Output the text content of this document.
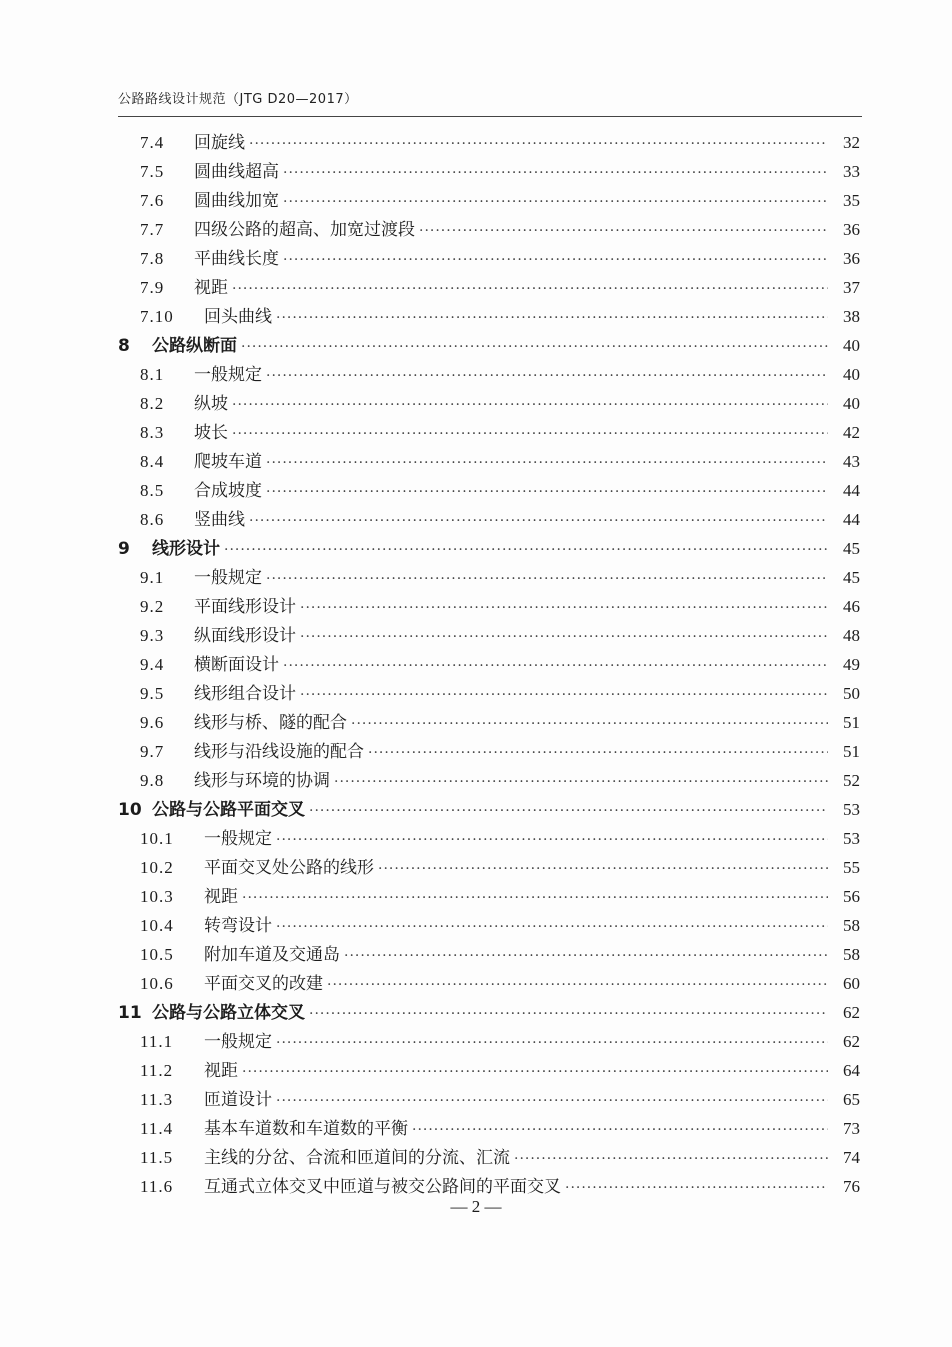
公路路线设计规范（JTG D20—2017）
7.4	回旋线 ·····	32
7.5	圆曲线超高 ·····	33
7.6	圆曲线加宽 ·····	35
7.7	四级公路的超高、加宽过渡段 ·····	36
7.8	平曲线长度 ·····	36
7.9	视距 ·····	37
7.10	回头曲线 ·····	38
8	公路纵断面 ·····	40
8.1	一般规定 ·····	40
8.2	纵坡 ·····	40
8.3	坡长 ·····	42
8.4	爬坡车道 ·····	43
8.5	合成坡度 ·····	44
8.6	竖曲线 ·····	44
9	线形设计 ·····	45
9.1	一般规定 ·····	45
9.2	平面线形设计 ·····	46
9.3	纵面线形设计 ·····	48
9.4	横断面设计 ·····	49
9.5	线形组合设计 ·····	50
9.6	线形与桥、隧的配合 ·····	51
9.7	线形与沿线设施的配合 ·····	51
9.8	线形与环境的协调 ·····	52
10 公路与公路平面交叉 ·····	53
10.1	一般规定 ·····	53
10.2	平面交叉处公路的线形 ·····	55
10.3	视距 ·····	56
10.4	转弯设计 ·····	58
10.5	附加车道及交通岛 ·····	58
10.6	平面交叉的改建 ·····	60
11 公路与公路立体交叉 ·····	62
11.1	一般规定 ·····	62
11.2	视距 ·····	64
11.3	匝道设计 ·····	65
11.4	基本车道数和车道数的平衡 ·····	73
11.5	主线的分岔、合流和匝道间的分流、汇流 ·····	74
11.6	互通式立体交叉中匝道与被交公路间的平面交叉 ·····	76
— 2 —
